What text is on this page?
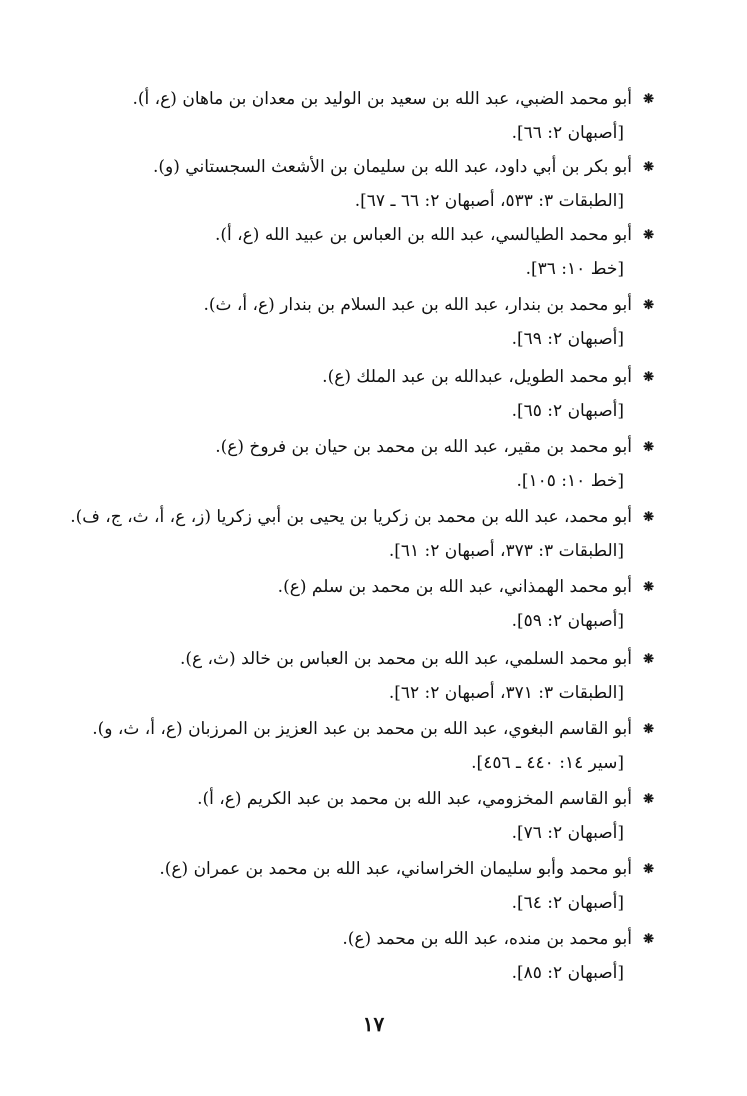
❋أبو محمد الضبي، عبد الله بن سعيد بن الوليد بن معدان بن ماهان (ع، أ).
[أصبهان ٢: ٦٦].
❋أبو بكر بن أبي داود، عبد الله بن سليمان بن الأشعث السجستاني (و).
[الطبقات ٣: ٥٣٣، أصبهان ٢: ٦٦ ـ ٦٧].
❋أبو محمد الطيالسي، عبد الله بن العباس بن عبيد الله (ع، أ).
[خط ١٠: ٣٦].
❋أبو محمد بن بندار، عبد الله بن عبد السلام بن بندار (ع، أ، ث).
[أصبهان ٢: ٦٩].
❋أبو محمد الطويل، عبدالله بن عبد الملك (ع).
[أصبهان ٢: ٦٥].
❋أبو محمد بن مقير، عبد الله بن محمد بن حيان بن فروخ (ع).
[خط ١٠: ١٠٥].
❋أبو محمد، عبد الله بن محمد بن زكريا بن يحيى بن أبي زكريا (ز، ع، أ، ث، ج، ف).
[الطبقات ٣: ٣٧٣، أصبهان ٢: ٦١].
❋أبو محمد الهمذاني، عبد الله بن محمد بن سلم (ع).
[أصبهان ٢: ٥٩].
❋أبو محمد السلمي، عبد الله بن محمد بن العباس بن خالد (ث، ع).
[الطبقات ٣: ٣٧١، أصبهان ٢: ٦٢].
❋أبو القاسم البغوي، عبد الله بن محمد بن عبد العزيز بن المرزبان (ع، أ، ث، و).
[سير ١٤: ٤٤٠ ـ ٤٥٦].
❋أبو القاسم المخزومي، عبد الله بن محمد بن عبد الكريم (ع، أ).
[أصبهان ٢: ٧٦].
❋أبو محمد وأبو سليمان الخراساني، عبد الله بن محمد بن عمران (ع).
[أصبهان ٢: ٦٤].
❋أبو محمد بن منده، عبد الله بن محمد (ع).
[أصبهان ٢: ٨٥].
١٧
